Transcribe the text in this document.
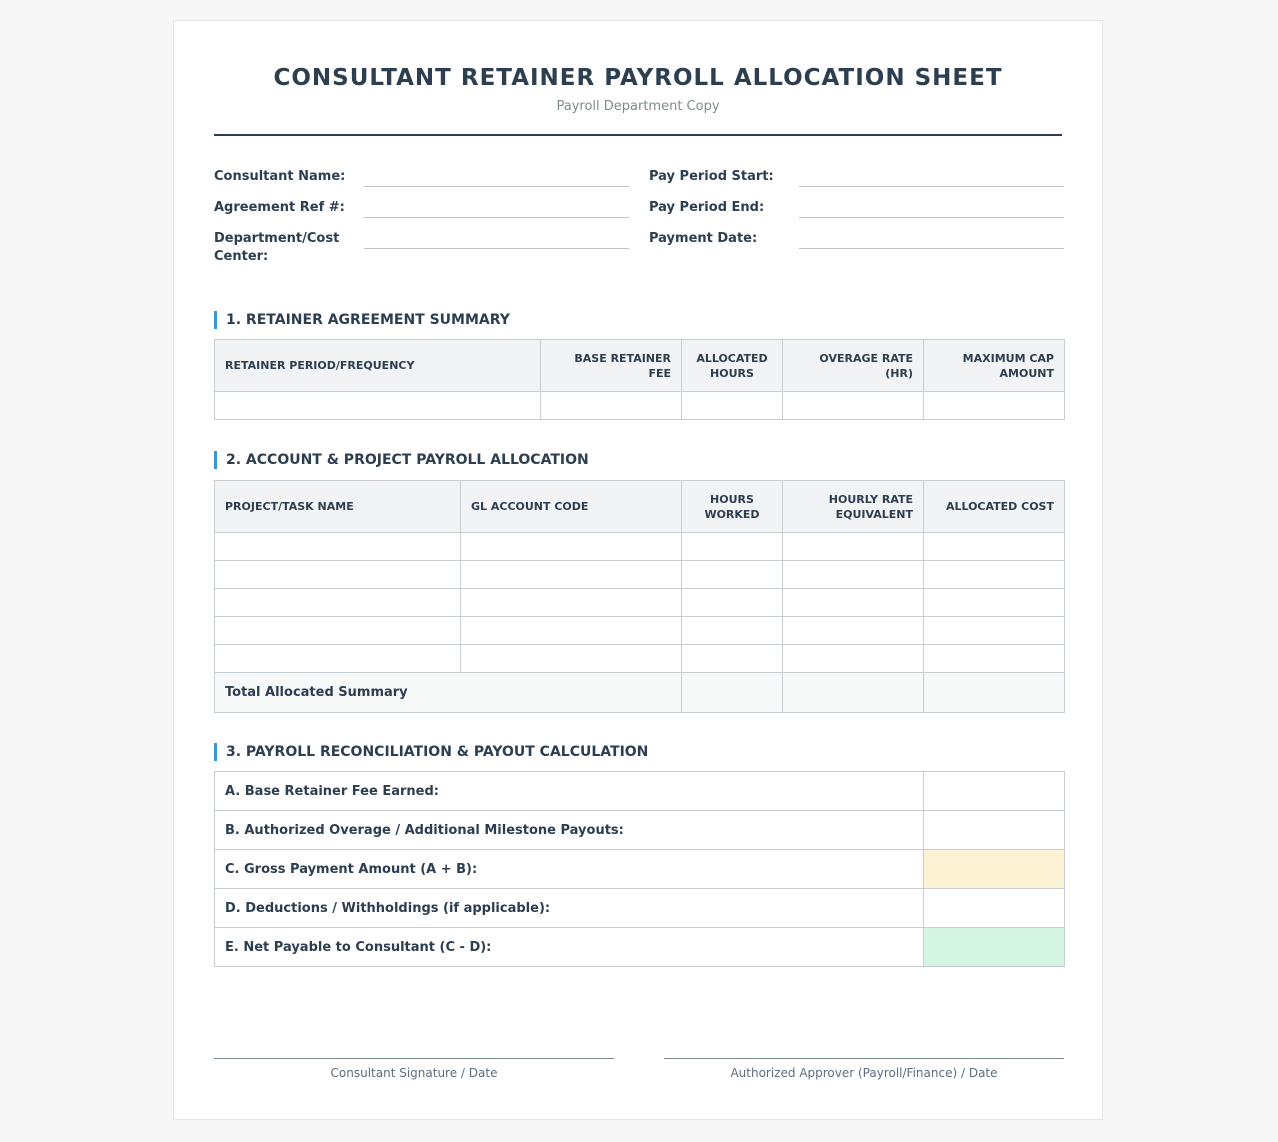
CONSULTANT RETAINER PAYROLL ALLOCATION SHEET
Payroll Department Copy
Consultant Name:
Agreement Ref #:
Department/Cost Center:
Pay Period Start:
Pay Period End:
Payment Date:
1. RETAINER AGREEMENT SUMMARY
RETAINER PERIOD/FREQUENCY	BASE RETAINER FEE	ALLOCATED HOURS	OVERAGE RATE (HR)	MAXIMUM CAP AMOUNT

2. ACCOUNT & PROJECT PAYROLL ALLOCATION
PROJECT/TASK NAME	GL ACCOUNT CODE	HOURS WORKED	HOURLY RATE EQUIVALENT	ALLOCATED COST

Total Allocated Summary				
3. PAYROLL RECONCILIATION & PAYOUT CALCULATION
A. Base Retainer Fee Earned:	
B. Authorized Overage / Additional Milestone Payouts:	
C. Gross Payment Amount (A + B):	
D. Deductions / Withholdings (if applicable):	
E. Net Payable to Consultant (C - D):	
Consultant Signature / Date	Authorized Approver (Payroll/Finance) / Date
